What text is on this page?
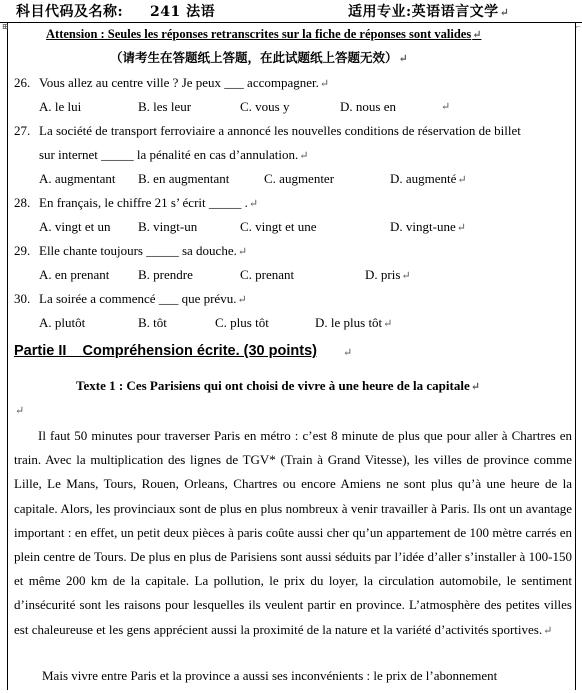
科目代码及名称: 241 法语	适用专业:英语语言文学↵
⊞	⌐
Attension : Seules les réponses retranscrites sur la fiche de réponses sont valides↵
（请考生在答题纸上答题，在此试题纸上答题无效）↵
26. Vous allez au centre ville ? Je peux ___ accompagner.↵
A. le lui	B. les leur	C. vous y	D. nous en	↵
27. La société de transport ferroviaire a annoncé les nouvelles conditions de réservation de billet
sur internet _____ la pénalité en cas d’annulation.↵
A. augmentant B. en augmentant	C. augmenter	D. augmenté↵
28. En français, le chiffre 21 s’ écrit _____ .↵
A. vingt et un B. vingt-un	C. vingt et une	D. vingt-une↵
29. Elle chante toujours _____ sa douche.↵
A. en prenant B. prendre	C. prenant	D. pris↵
30. La soirée a commencé ___ que prévu.↵
A. plutôt	B. tôt	C. plus tôt	D. le plus tôt↵
Partie II    Compréhension écrite. (30 points) ↵
Texte 1 : Ces Parisiens qui ont choisi de vivre à une heure de la capitale↵
↵
Il faut 50 minutes pour traverser Paris en métro : c’est 8 minute de plus que pour aller à Chartres en train. Avec la multiplication des lignes de TGV* (Train à Grand Vitesse), les villes de province comme Lille, Le Mans, Tours, Rouen, Orleans, Chartres ou encore Amiens ne sont plus qu’à une heure de la capitale. Alors, les provinciaux sont de plus en plus nombreux à venir travailler à Paris. Ils ont un avantage important : en effet, un petit deux pièces à paris coûte aussi cher qu’un appartement de 100 mètre carrés en plein centre de Tours. De plus en plus de Parisiens sont aussi séduits par l’idée d’aller s’installer à 100-150 et même 200 km de la capitale. La pollution, le prix du loyer, la circulation automobile, le sentiment d’insécurité sont les raisons pour lesquelles ils veulent partir en province. L’atmosphère des petites villes est chaleureuse et les gens apprécient aussi la proximité de la nature et la variété d’activités sportives.↵
Mais vivre entre Paris et la province a aussi ses inconvénients : le prix de l’abonnement
